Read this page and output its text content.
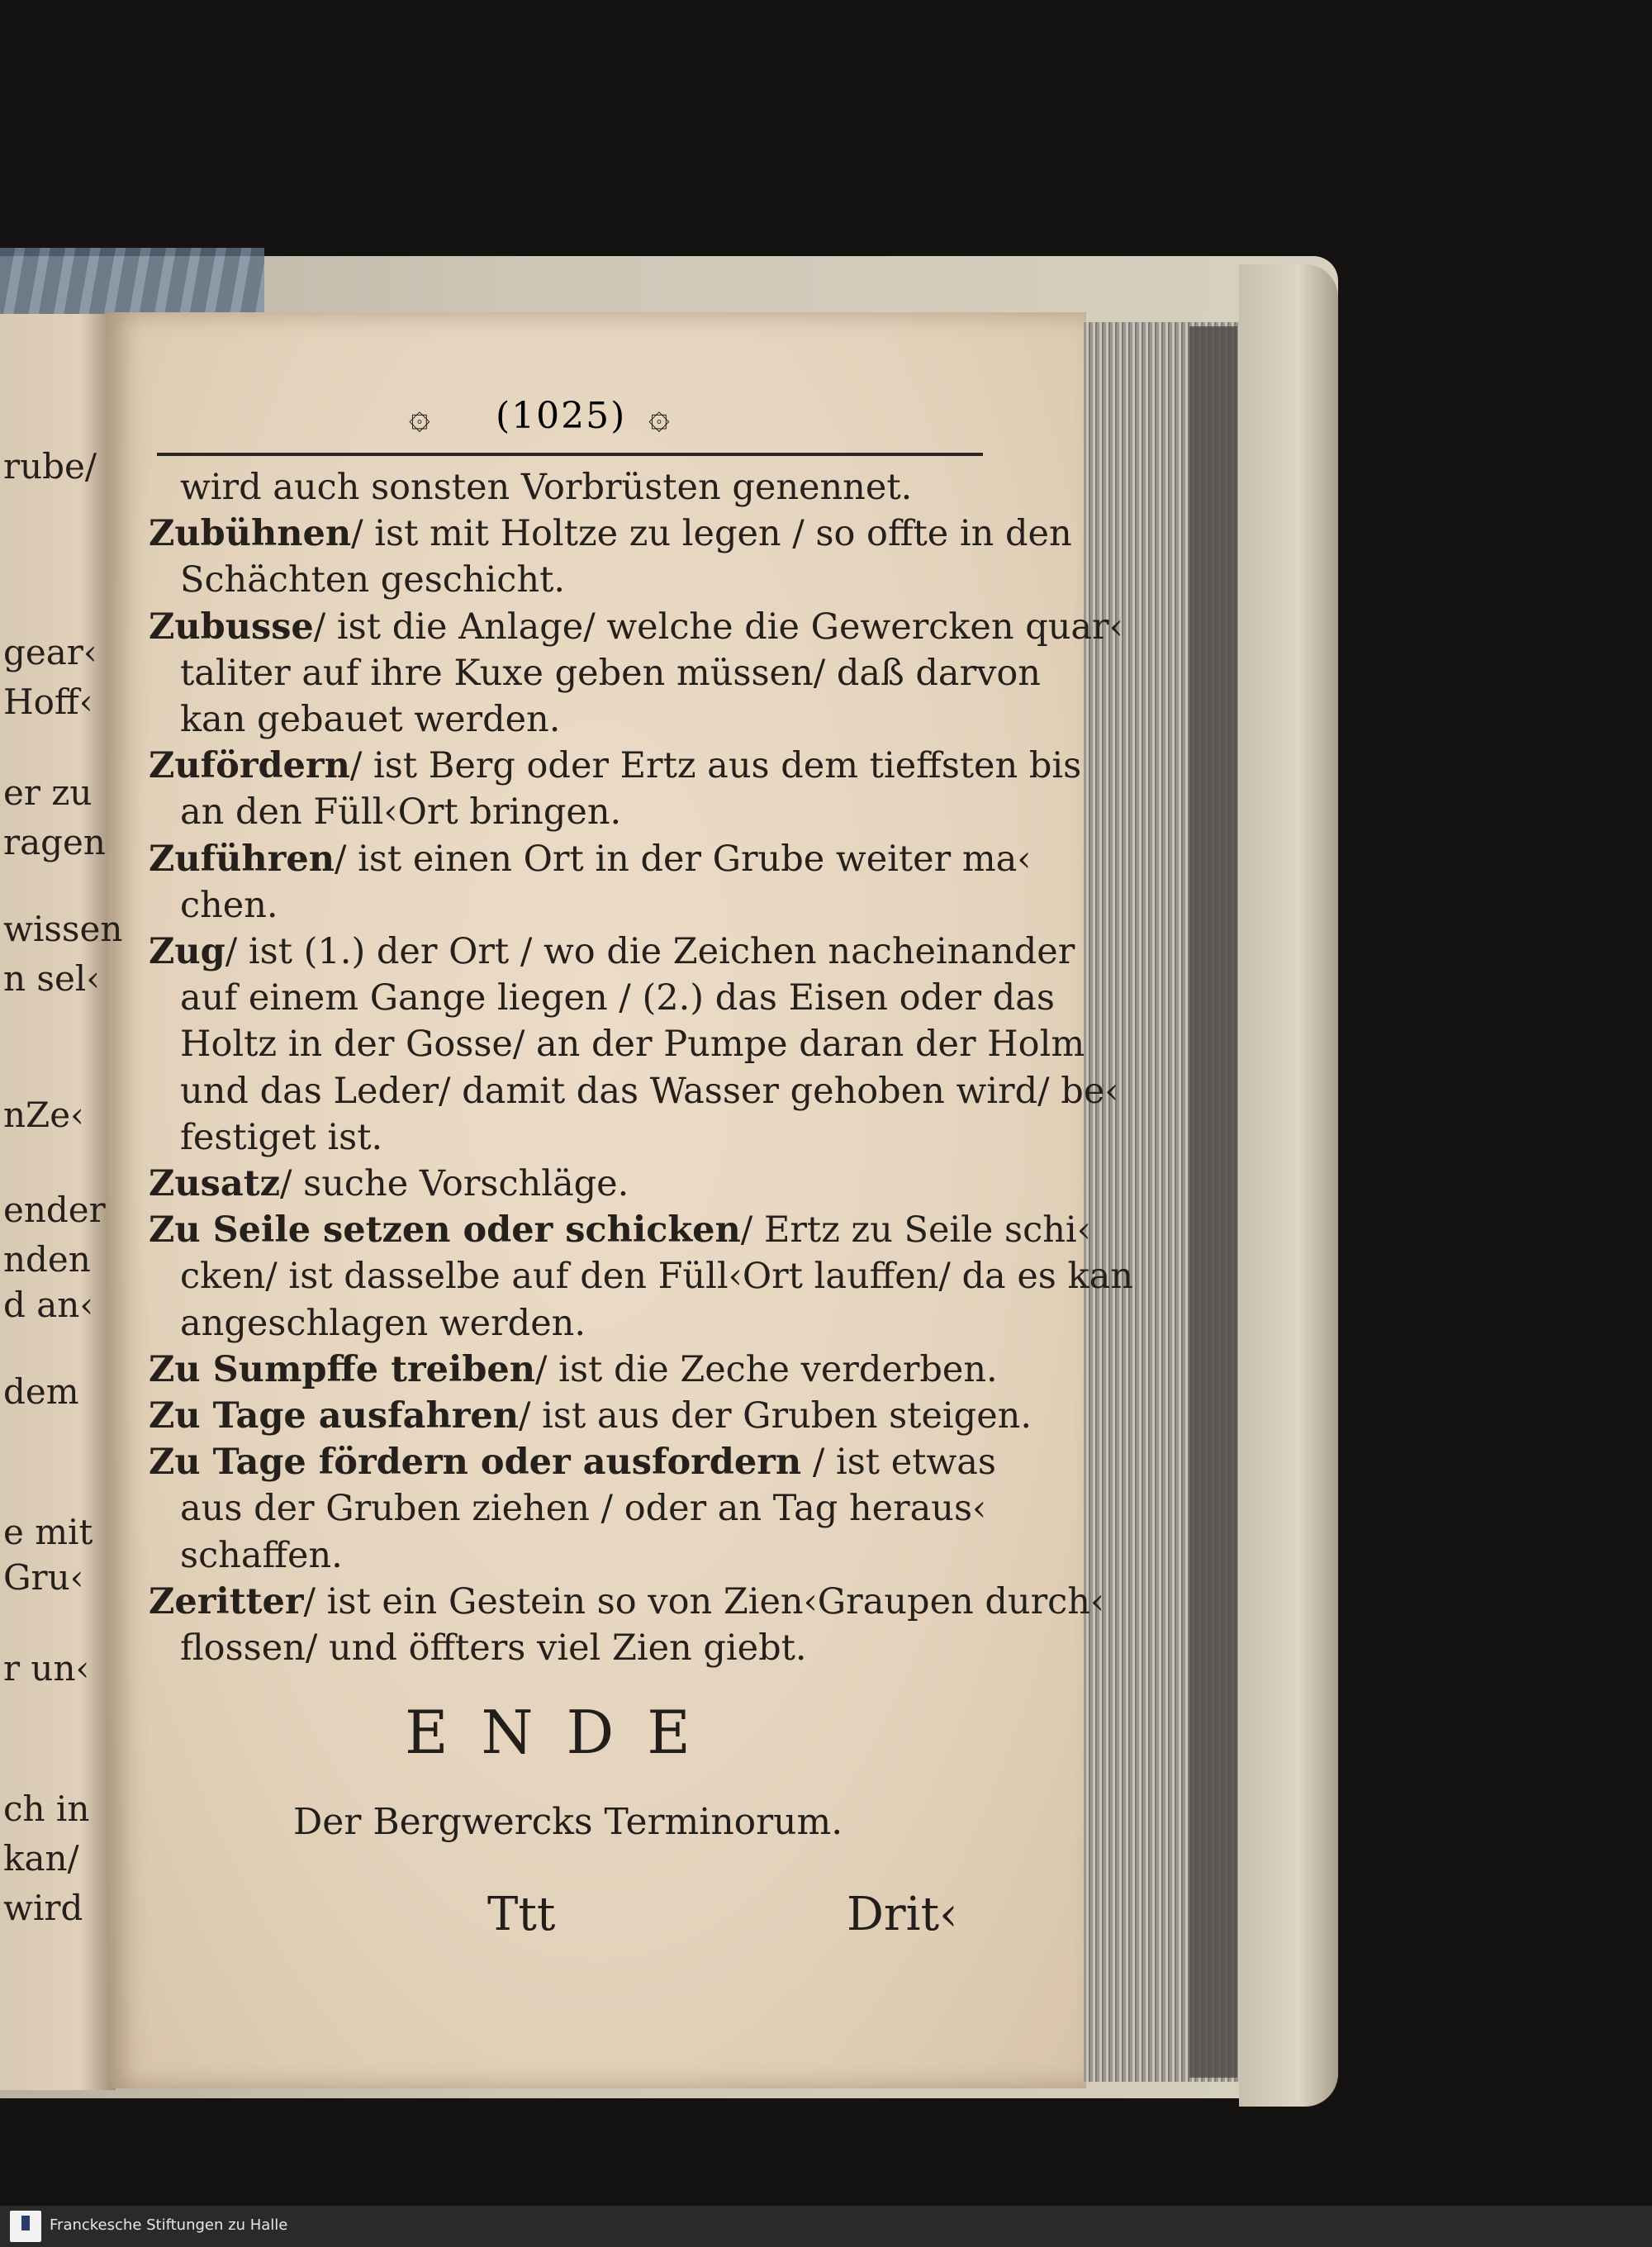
rube/
gear‹
Hoff‹
er zu
ragen
wissen
n sel‹
nZe‹
ender
nden
d an‹
dem
e mit
Gru‹
r un‹
ch in
kan/
wird
۞ (1025) ۞
wird auch sonsten Vorbrüsten genennet.
Zubühnen/ ist mit Holtze zu legen / so offte in den
Schächten geschicht.
Zubusse/ ist die Anlage/ welche die Gewercken quar‹
taliter auf ihre Kuxe geben müssen/ daß darvon
kan gebauet werden.
Zufördern/ ist Berg oder Ertz aus dem tieffsten bis
an den Füll‹Ort bringen.
Zuführen/ ist einen Ort in der Grube weiter ma‹
chen.
Zug/ ist (1.) der Ort / wo die Zeichen nacheinander
auf einem Gange liegen / (2.) das Eisen oder das
Holtz in der Gosse/ an der Pumpe daran der Holm
und das Leder/ damit das Wasser gehoben wird/ be‹
festiget ist.
Zusatz/ suche Vorschläge.
Zu Seile setzen oder schicken/ Ertz zu Seile schi‹
cken/ ist dasselbe auf den Füll‹Ort lauffen/ da es kan
angeschlagen werden.
Zu Sumpffe treiben/ ist die Zeche verderben.
Zu Tage ausfahren/ ist aus der Gruben steigen.
Zu Tage fördern oder ausfordern / ist etwas
aus der Gruben ziehen / oder an Tag heraus‹
schaffen.
Zeritter/ ist ein Gestein so von Zien‹Graupen durch‹
flossen/ und öffters viel Zien giebt.
ENDE
Der Bergwercks Terminorum.
Ttt	Drit‹
Franckesche Stiftungen zu Halle
